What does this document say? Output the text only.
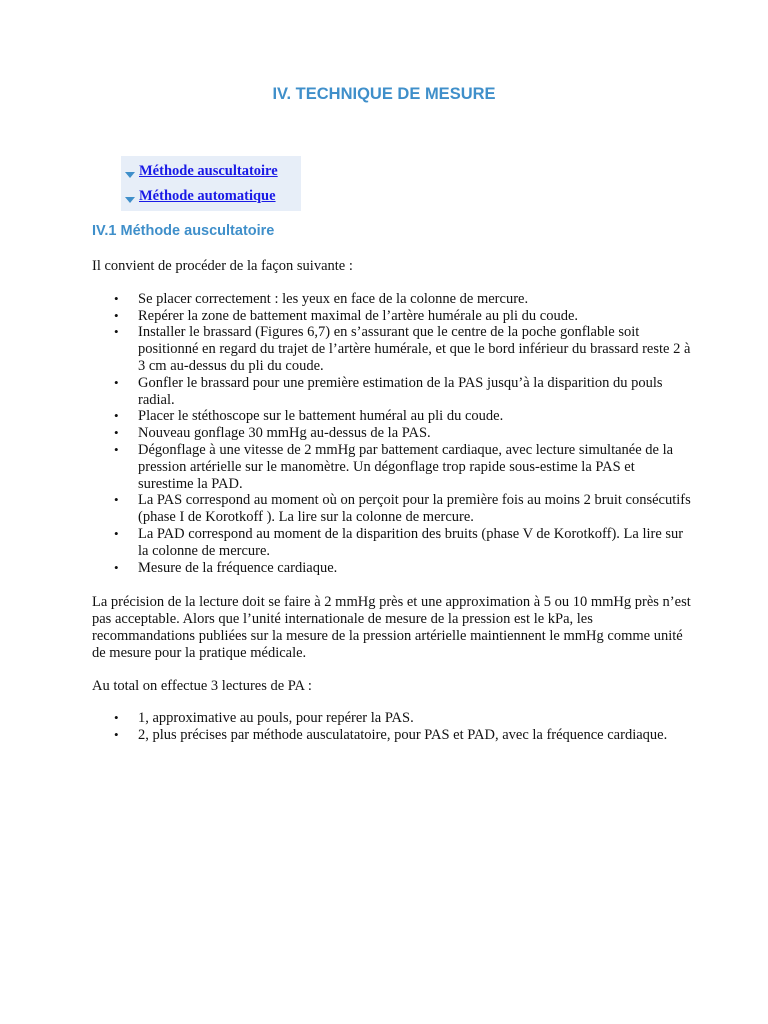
IV. TECHNIQUE DE MESURE
Méthode auscultatoire
Méthode automatique
IV.1 Méthode auscultatoire

Il convient de procéder de la façon suivante :

• Se placer correctement : les yeux en face de la colonne de mercure.
• Repérer la zone de battement maximal de l’artère humérale au pli du coude.
• Installer le brassard (Figures 6,7) en s’assurant que le centre de la poche gonflable soit positionné en regard du trajet de l’artère humérale, et que le bord inférieur du brassard reste 2 à 3 cm au-dessus du pli du coude.
• Gonfler le brassard pour une première estimation de la PAS jusqu’à la disparition du pouls radial.
• Placer le stéthoscope sur le battement huméral au pli du coude.
• Nouveau gonflage 30 mmHg au-dessus de la PAS.
• Dégonflage à une vitesse de 2 mmHg par battement cardiaque, avec lecture simultanée de la pression artérielle sur le manomètre. Un dégonflage trop rapide sous-estime la PAS et surestime la PAD.
• La PAS correspond au moment où on perçoit pour la première fois au moins 2 bruit consécutifs (phase I de Korotkoff ). La lire sur la colonne de mercure.
• La PAD correspond au moment de la disparition des bruits (phase V de Korotkoff). La lire sur la colonne de mercure.
• Mesure de la fréquence cardiaque.

La précision de la lecture doit se faire à 2 mmHg près et une approximation à 5 ou 10 mmHg près n’est pas acceptable. Alors que l’unité internationale de mesure de la pression est le kPa, les recommandations publiées sur la mesure de la pression artérielle maintiennent le mmHg comme unité de mesure pour la pratique médicale.

Au total on effectue 3 lectures de PA :

• 1, approximative au pouls, pour repérer la PAS.
• 2, plus précises par méthode ausculatatoire, pour PAS et PAD, avec la fréquence cardiaque.
